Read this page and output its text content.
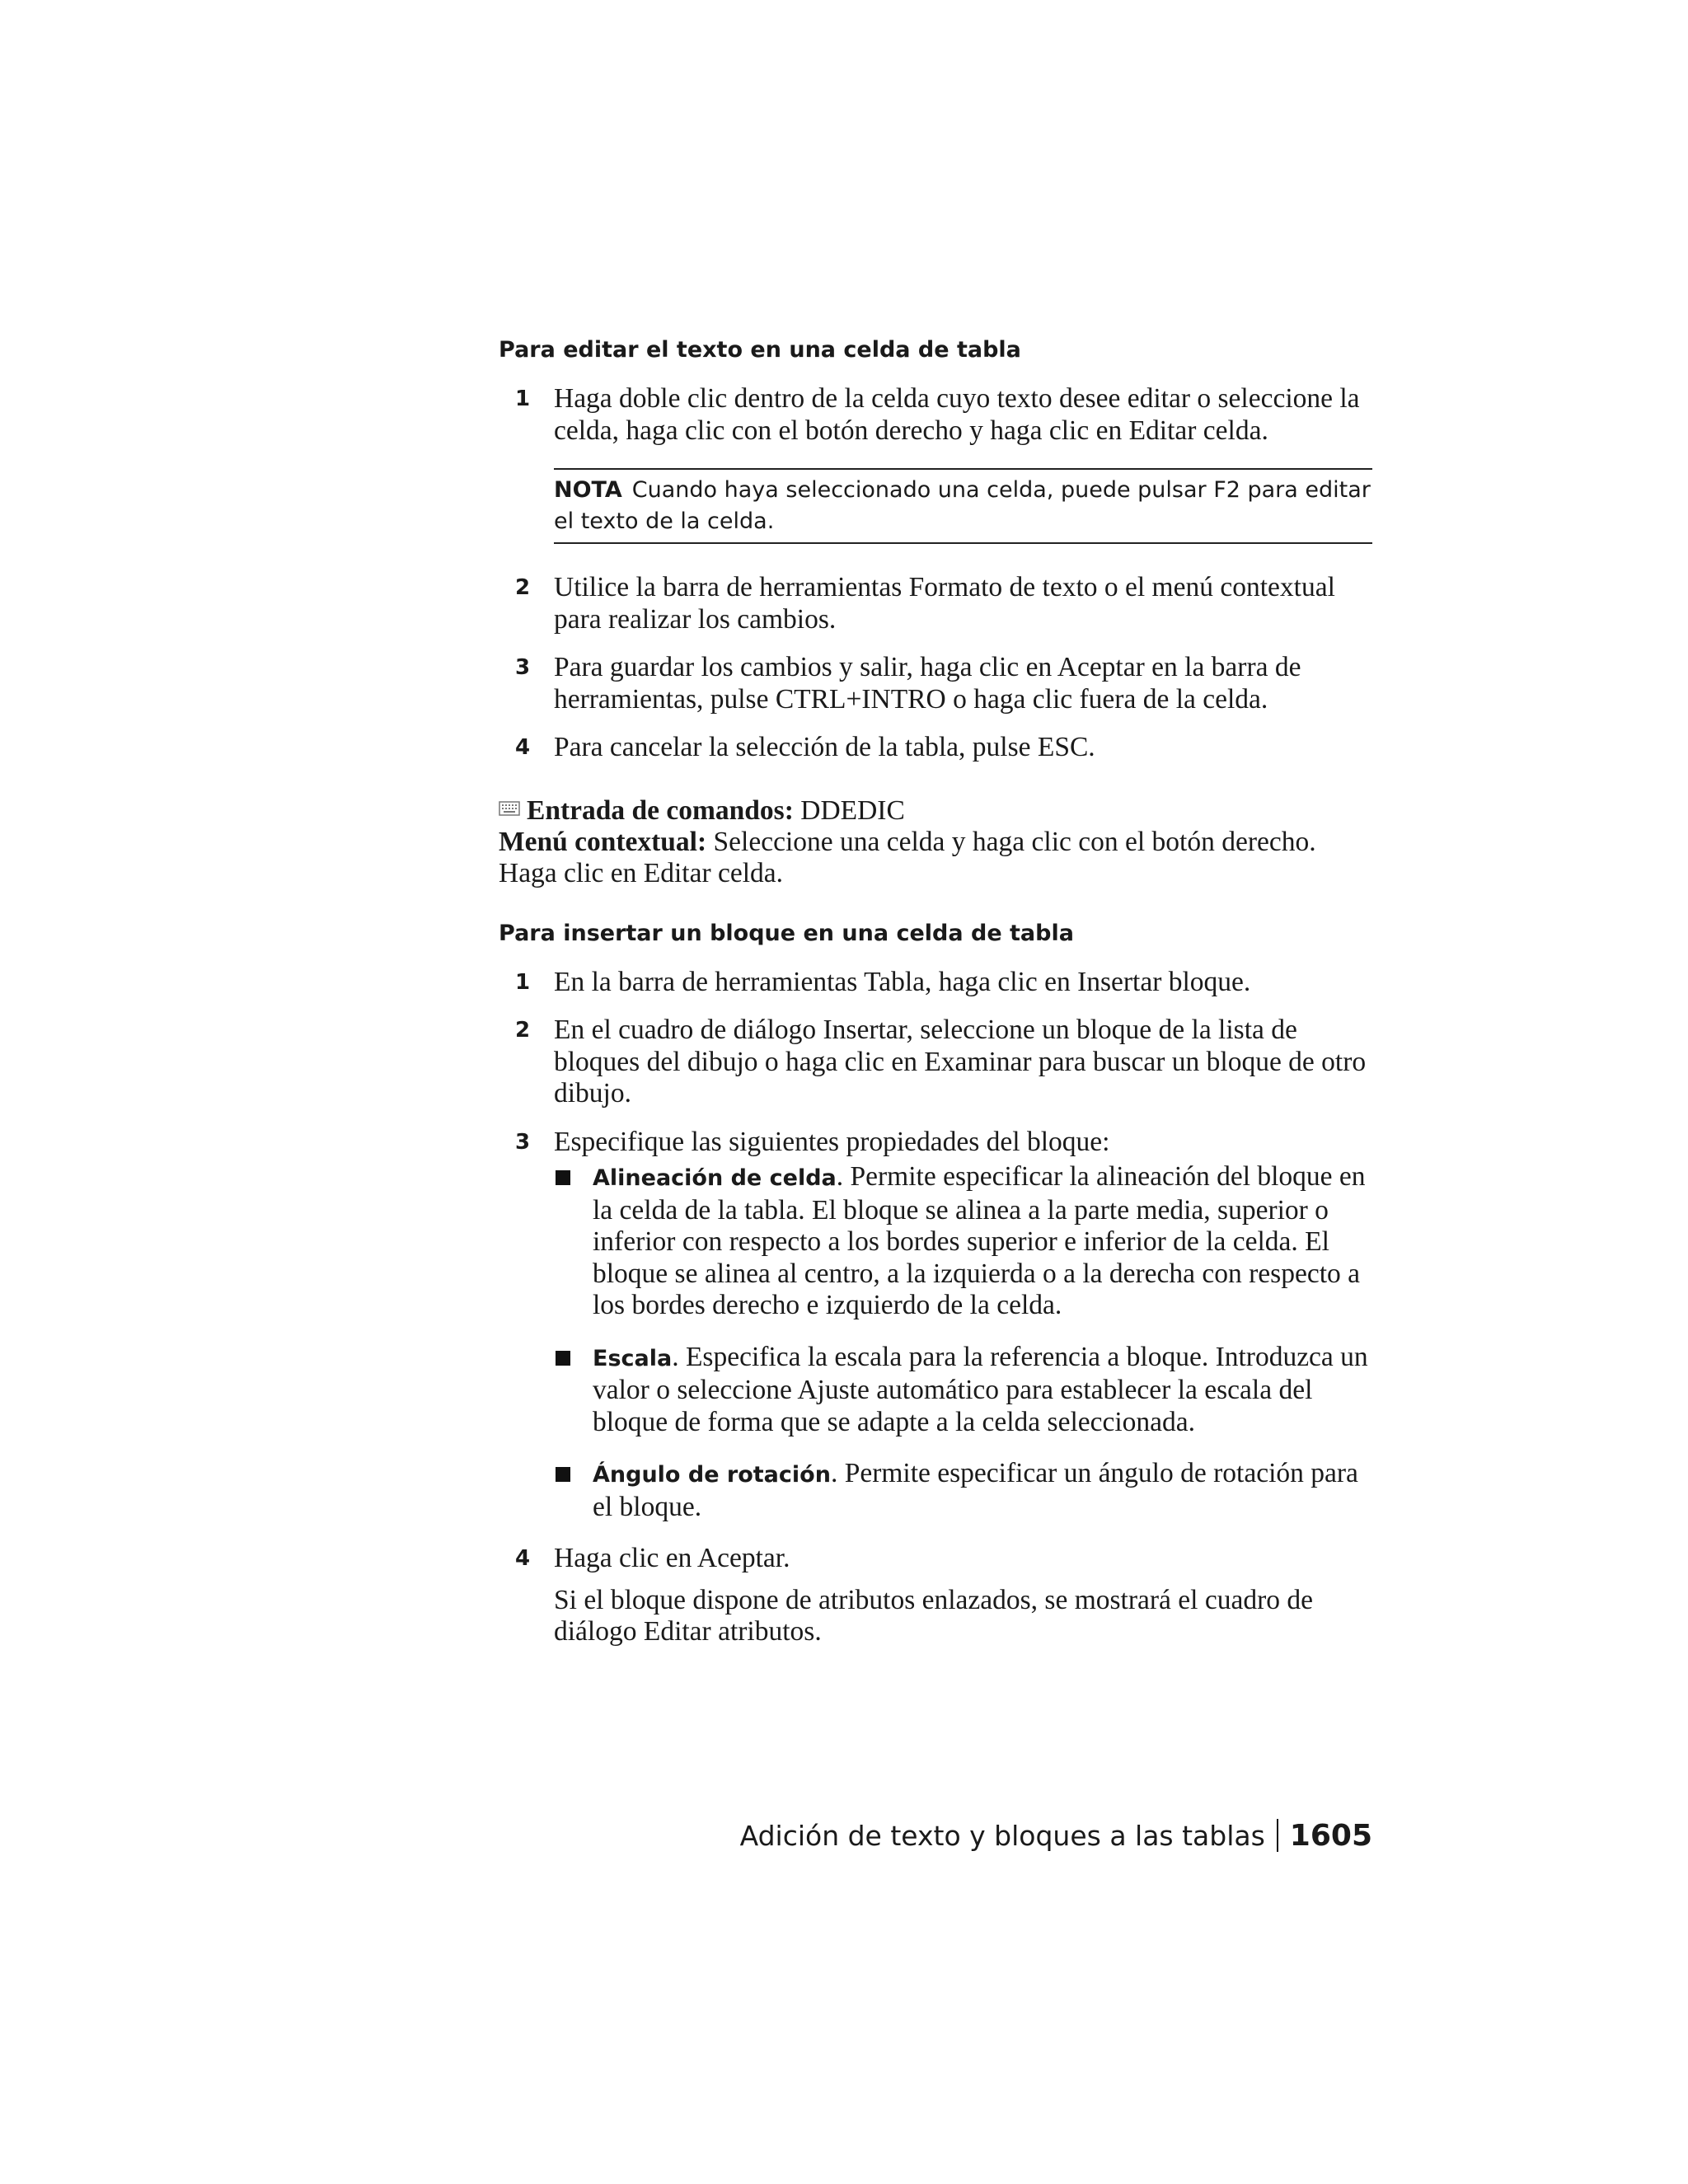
Para editar el texto en una celda de tabla
1 Haga doble clic dentro de la celda cuyo texto desee editar o seleccione la celda, haga clic con el botón derecho y haga clic en Editar celda.
NOTA Cuando haya seleccionado una celda, puede pulsar F2 para editar el texto de la celda.
2 Utilice la barra de herramientas Formato de texto o el menú contextual para realizar los cambios.
3 Para guardar los cambios y salir, haga clic en Aceptar en la barra de herramientas, pulse CTRL+INTRO o haga clic fuera de la celda.
4 Para cancelar la selección de la tabla, pulse ESC.
Entrada de comandos: DDEDIC
Menú contextual: Seleccione una celda y haga clic con el botón derecho. Haga clic en Editar celda.
Para insertar un bloque en una celda de tabla
1 En la barra de herramientas Tabla, haga clic en Insertar bloque.
2 En el cuadro de diálogo Insertar, seleccione un bloque de la lista de bloques del dibujo o haga clic en Examinar para buscar un bloque de otro dibujo.
3 Especifique las siguientes propiedades del bloque:
Alineación de celda. Permite especificar la alineación del bloque en la celda de la tabla. El bloque se alinea a la parte media, superior o inferior con respecto a los bordes superior e inferior de la celda. El bloque se alinea al centro, a la izquierda o a la derecha con respecto a los bordes derecho e izquierdo de la celda.
Escala. Especifica la escala para la referencia a bloque. Introduzca un valor o seleccione Ajuste automático para establecer la escala del bloque de forma que se adapte a la celda seleccionada.
Ángulo de rotación. Permite especificar un ángulo de rotación para el bloque.
4 Haga clic en Aceptar.
Si el bloque dispone de atributos enlazados, se mostrará el cuadro de diálogo Editar atributos.
Adición de texto y bloques a las tablas 1605
